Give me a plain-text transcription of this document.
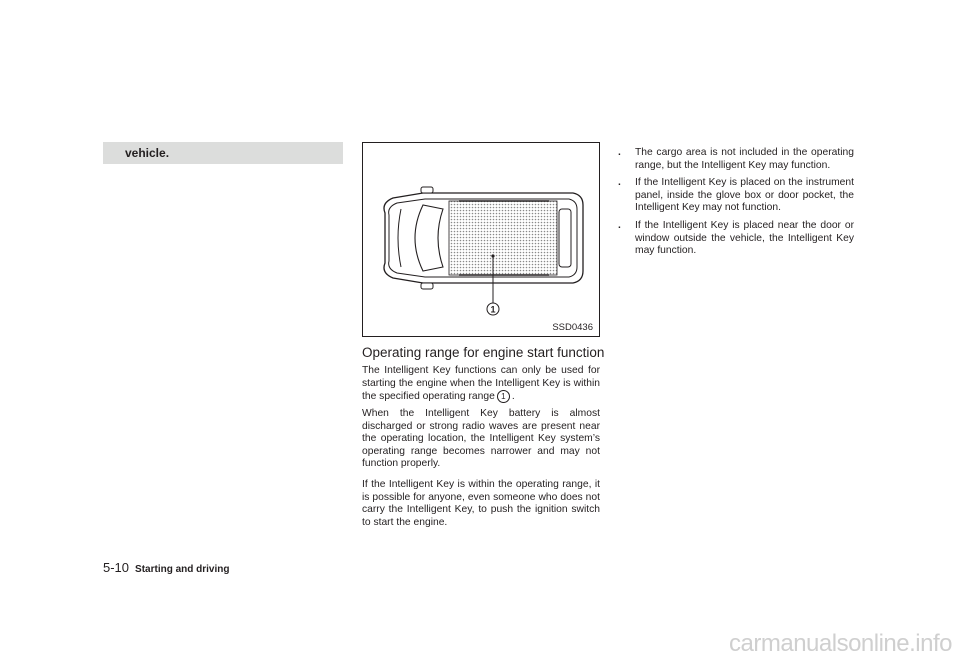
vehicle.
1
SSD0436
Operating range for engine start function

The Intelligent Key functions can only be used for starting the engine when the Intelligent Key is within the specified operating range 1 .

When the Intelligent Key battery is almost discharged or strong radio waves are present near the operating location, the Intelligent Key system’s operating range becomes narrower and may not function properly.

If the Intelligent Key is within the operating range, it is possible for anyone, even someone who does not carry the Intelligent Key, to push the ignition switch to start the engine.

. The cargo area is not included in the operating range, but the Intelligent Key may function.
. If the Intelligent Key is placed on the instrument panel, inside the glove box or door pocket, the Intelligent Key may not function.
. If the Intelligent Key is placed near the door or window outside the vehicle, the Intelligent Key may function.
5-10 Starting and driving
carmanualsonline.info
